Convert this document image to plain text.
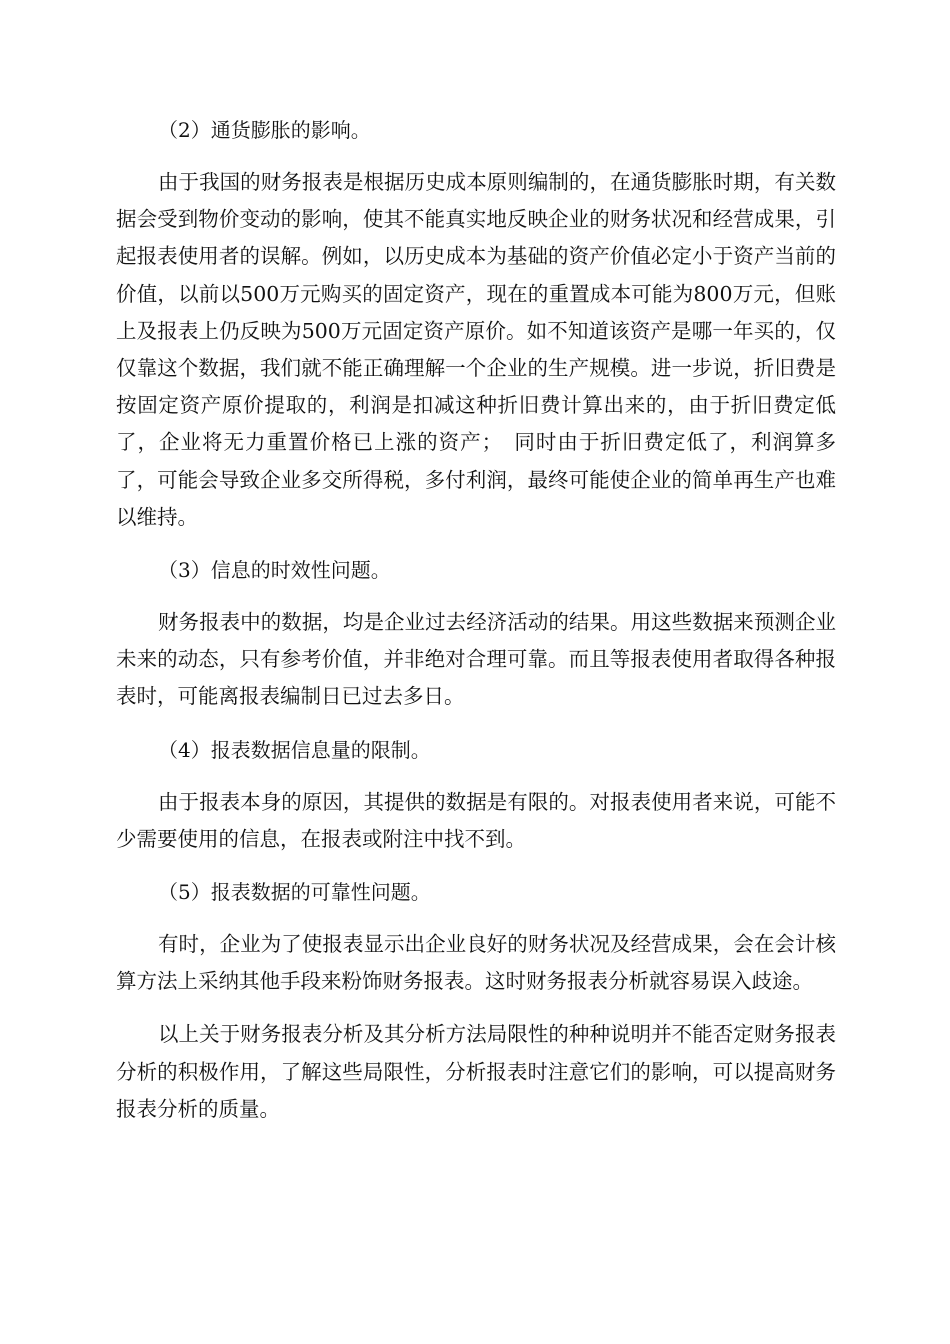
（2）通货膨胀的影响。

由于我国的财务报表是根据历史成本原则编制的，在通货膨胀时期，有关数据会受到物价变动的影响，使其不能真实地反映企业的财务状况和经营成果，引起报表使用者的误解。例如，以历史成本为基础的资产价值必定小于资产当前的价值，以前以500万元购买的固定资产，现在的重置成本可能为800万元，但账上及报表上仍反映为500万元固定资产原价。如不知道该资产是哪一年买的，仅仅靠这个数据，我们就不能正确理解一个企业的生产规模。进一步说，折旧费是按固定资产原价提取的，利润是扣减这种折旧费计算出来的，由于折旧费定低了，企业将无力重置价格已上涨的资产；　同时由于折旧费定低了，利润算多了，可能会导致企业多交所得税，多付利润，最终可能使企业的简单再生产也难以维持。

（3）信息的时效性问题。

财务报表中的数据，均是企业过去经济活动的结果。用这些数据来预测企业未来的动态，只有参考价值，并非绝对合理可靠。而且等报表使用者取得各种报表时，可能离报表编制日已过去多日。

（4）报表数据信息量的限制。

由于报表本身的原因，其提供的数据是有限的。对报表使用者来说，可能不少需要使用的信息，在报表或附注中找不到。

（5）报表数据的可靠性问题。

有时，企业为了使报表显示出企业良好的财务状况及经营成果，会在会计核算方法上采纳其他手段来粉饰财务报表。这时财务报表分析就容易误入歧途。

以上关于财务报表分析及其分析方法局限性的种种说明并不能否定财务报表分析的积极作用，了解这些局限性，分析报表时注意它们的影响，可以提高财务报表分析的质量。
